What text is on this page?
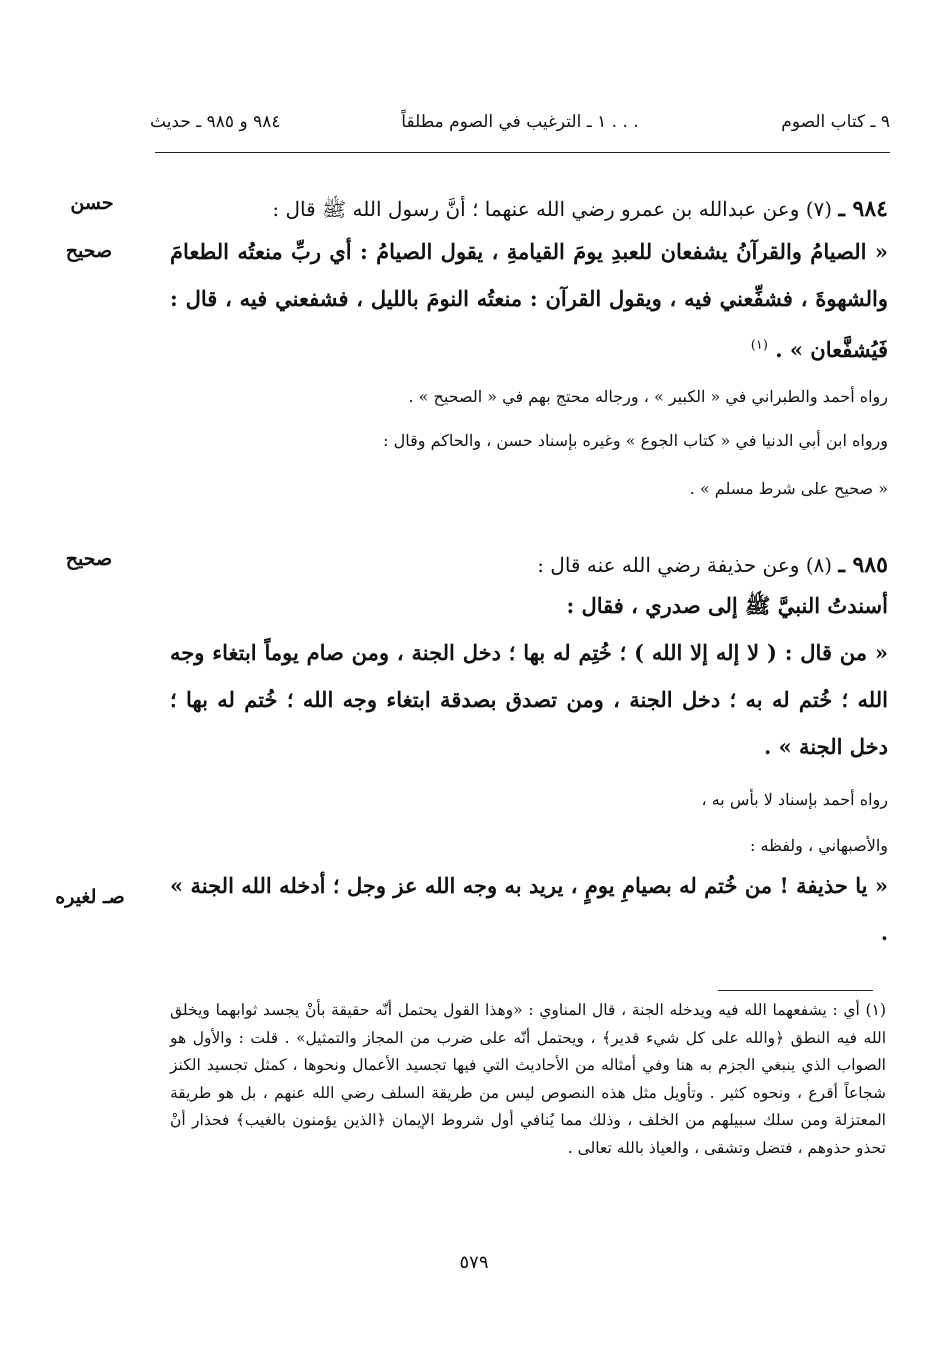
٩ ـ كتاب الصوم
١ ـ الترغيب في الصوم مطلقاً . . .
٩٨٤ و ٩٨٥ ـ حديث
حسن
صحيح
صحيح
صـ لغيره
٩٨٤ ـ (٧) وعن عبدالله بن عمرو رضي الله عنهما ؛ أنَّ رسول الله ﷺ قال :
« الصيامُ والقرآنُ يشفعان للعبدِ يومَ القيامةِ ، يقول الصيامُ : أي ربِّ منعتُه الطعامَ والشهوةَ ، فشفِّعني فيه ، ويقول القرآن : منعتُه النومَ بالليل ، فشفعني فيه ، قال : فَيُشفَّعان » . $^{(١)}$
رواه أحمد والطبراني في « الكبير » ، ورجاله محتج بهم في « الصحيح » .
ورواه ابن أبي الدنيا في « كتاب الجوع » وغيره بإسناد حسن ، والحاكم وقال :
« صحيح على شرط مسلم » .
٩٨٥ ـ (٨) وعن حذيفة رضي الله عنه قال :
أسندتُ النبيَّ ﷺ إلى صدري ، فقال :
« من قال : ( لا إله إلا الله ) ؛ خُتِم له بها ؛ دخل الجنة ، ومن صام يوماً ابتغاء وجه الله ؛ خُتم له به ؛ دخل الجنة ، ومن تصدق بصدقة ابتغاء وجه الله ؛ خُتم له بها ؛ دخل الجنة » .
رواه أحمد بإسناد لا بأس به ،
والأصبهاني ، ولفظه :
« يا حذيفة ! من خُتم له بصيامِ يومٍ ، يريد به وجه الله عز وجل ؛ أدخله الله الجنة » .
(١) أي : يشفعهما الله فيه ويدخله الجنة ، قال المناوي : «وهذا القول يحتمل أنّه حقيقة بأنْ يجسد ثوابهما ويخلق الله فيه النطق ﴿والله على كل شيء قدير﴾ ، ويحتمل أنّه على ضرب من المجاز والتمثيل» . قلت : والأول هو الصواب الذي ينبغي الجزم به هنا وفي أمثاله من الأحاديث التي فيها تجسيد الأعمال ونحوها ، كمثل تجسيد الكنز شجاعاً أقرع ، ونحوه كثير . وتأويل مثل هذه النصوص ليس من طريقة السلف رضي الله عنهم ، بل هو طريقة المعتزلة ومن سلك سبيلهم من الخلف ، وذلك مما يُنافي أول شروط الإيمان ﴿الذين يؤمنون بالغيب﴾ فحذار أنْ تحذو حذوهم ، فتضل وتشقى ، والعياذ بالله تعالى .
٥٧٩
